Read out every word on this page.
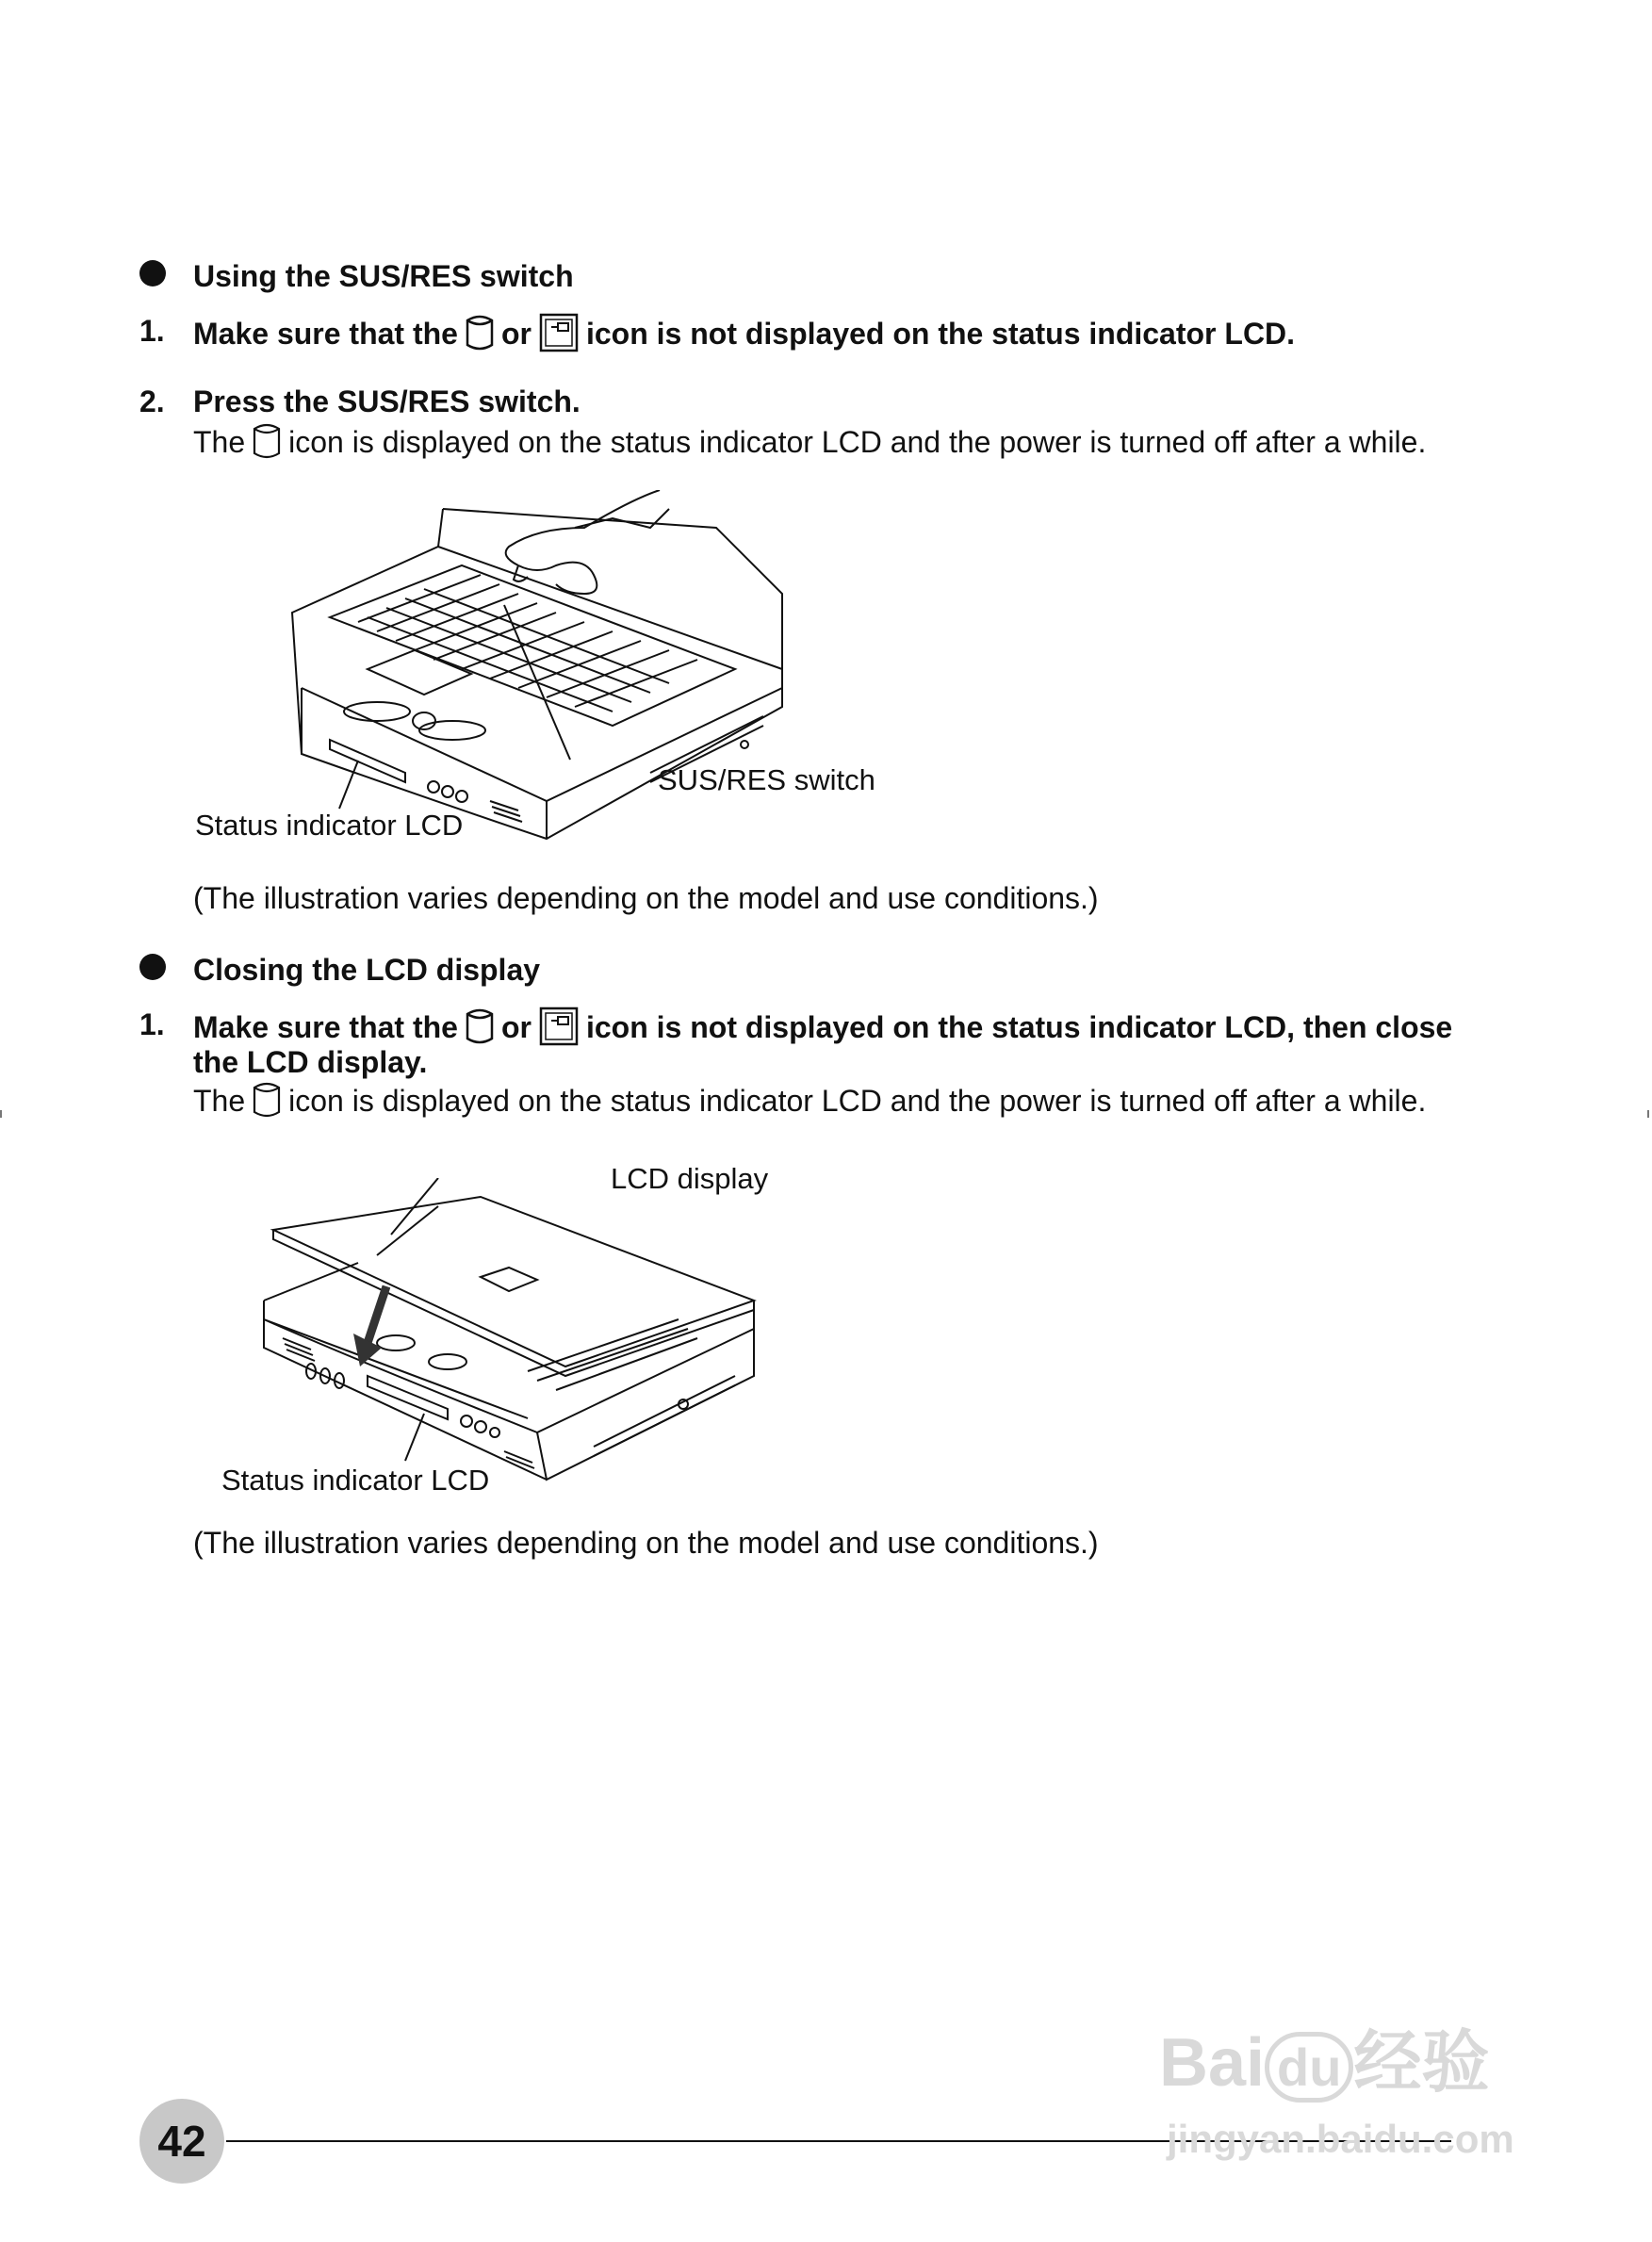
Using the SUS/RES switch
1. Make sure that the or icon is not displayed on the status indicator LCD.
2. Press the SUS/RES switch.
The icon is displayed on the status indicator LCD and the power is turned off after a while.
SUS/RES switch
Status indicator LCD
(The illustration varies depending on the model and use conditions.)
Closing the LCD display
1. Make sure that the or icon is not displayed on the status indicator LCD, then close
the LCD display.
The icon is displayed on the status indicator LCD and the power is turned off after a while.
LCD display
Status indicator LCD
(The illustration varies depending on the model and use conditions.)
42
Bai du 经验
jingyan.baidu.com
